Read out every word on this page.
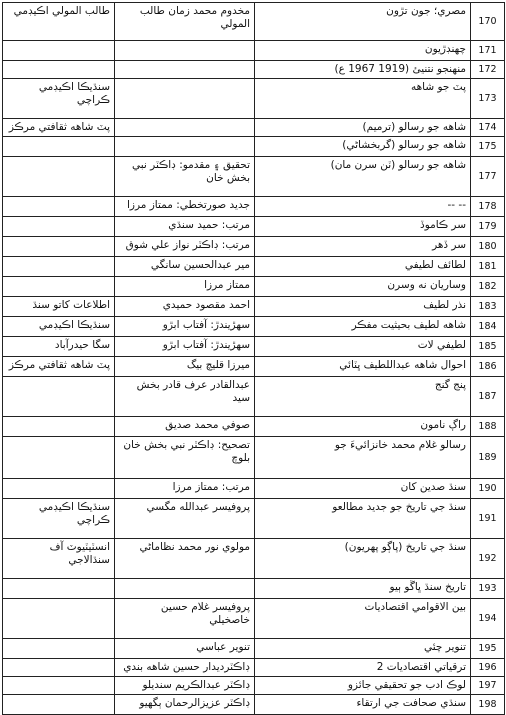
170	مصري؛ جون تڙون	مخدوم محمد زمان طالب المولي	طالب المولي اڪيڊمي
171	چهنڊڙيون		
172	منهنجو نتنيئ (1919 1967 ع)		
173	پٽ جو شاهه		سنڌيڪا اڪيڊمي ڪراچي
174	شاهه جو رسالو (ترميم)		پٽ شاهه ثقافتي مرڪز
175	شاهه جو رسالو (گربخشاڻي)		
177	شاهه جو رسالو (ٽن سرن مان)	تحقيق ۽ مقدمو: ڊاڪٽر نبي بخش خان	
178	-- --	جديد صورتخطي: ممتاز مرزا	
179	سر ڪاموڏ	مرتب: حميد سنڌي	
180	سر ڏهر	مرتب: ڊاڪٽر نواز علي شوق	
181	لطائف لطيفي	مير عبدالحسين سانگي	
182	وساريان نه وسرن	ممتاز مرزا	
183	نذر لطيف	احمد مقصود حميدي	اطلاعات کاتو سنڌ
184	شاهه لطيف بحيثيت مفڪر	سهڙيندڙ: آفتاب ابڙو	سنڌيڪا اڪيڊمي
185	لطيفي لات	سهڙيندڙ: آفتاب ابڙو	سگا حيدرآباد
186	احوال شاهه عبداللطيف ڀٽائي	ميرزا قليچ بيگ	پٽ شاهه ثقافتي مرڪز
187	پنج گنج	عبدالقادر عرف قادر بخش سيد	
188	راڳ نامون	صوفي محمد صديق	
189	رسالو غلام محمد خانزائيءَ جو	تصحيح: ڊاڪٽر نبي بخش خان بلوچ	
190	سنڌ صدين کان	مرتب: ممتاز مرزا	
191	سنڌ جي تاريخ جو جديد مطالعو	پروفيسر عبدالله مگسي	سنڌيڪا اڪيڊمي ڪراچي
192	سنڌ جي تاريخ (پاڳو پهريون)	مولوي نور محمد نظاماڻي	انسٽيٽيوٽ آف سنڌالاجي
193	تاريخ سنڌ ڀاڱو ٻيو		
194	بين الاقوامي اقتصاديات	پروفيسر غلام حسين خاصخيلي	
195	تنوير چئي	تنوير عباسي	
196	ترقياتي اقتصاديات 2	ڊاڪٽرديدار حسين شاهه بندي	
197	لوڪ ادب جو تحقيقي جائزو	ڊاڪٽر عبدالڪريم سنديلو	
198	سنڌي صحافت جي ارتقاء	ڊاڪٽر عزيزالرحمان ٻگهيو	
